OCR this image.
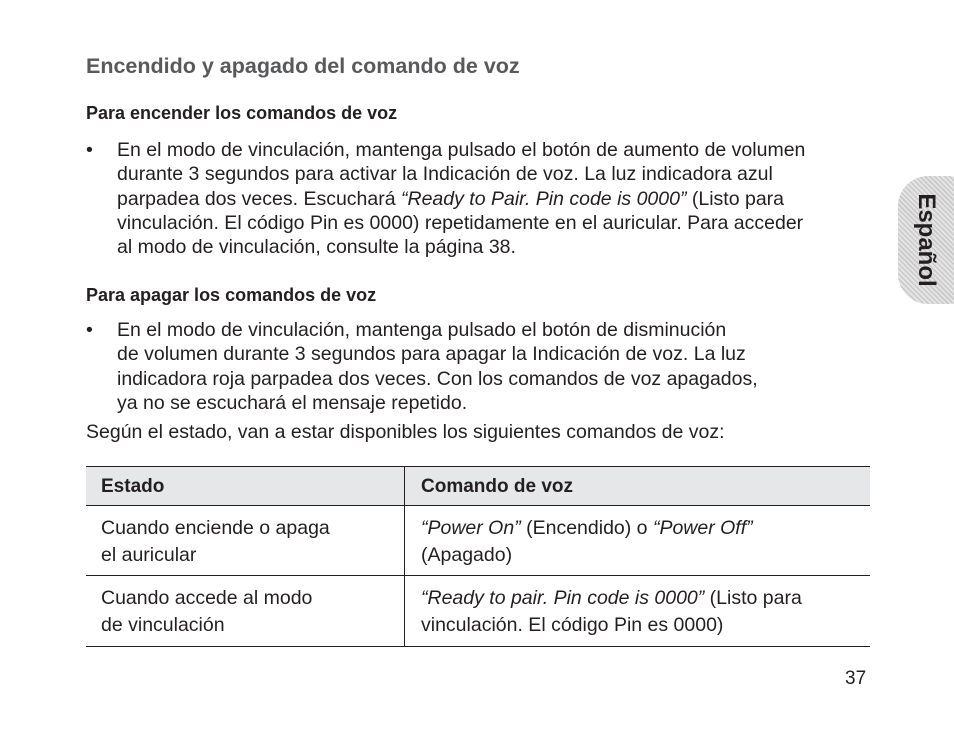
Encendido y apagado del comando de voz
Para encender los comandos de voz
• En el modo de vinculación, mantenga pulsado el botón de aumento de volumen
durante 3 segundos para activar la Indicación de voz. La luz indicadora azul
parpadea dos veces. Escuchará “Ready to Pair. Pin code is 0000” (Listo para
vinculación. El código Pin es 0000) repetidamente en el auricular. Para acceder
al modo de vinculación, consulte la página 38.
Para apagar los comandos de voz
• En el modo de vinculación, mantenga pulsado el botón de disminución
de volumen durante 3 segundos para apagar la Indicación de voz. La luz
indicadora roja parpadea dos veces. Con los comandos de voz apagados,
ya no se escuchará el mensaje repetido.
Según el estado, van a estar disponibles los siguientes comandos de voz:
Estado	Comando de voz
Cuando enciende o apaga
el auricular
“Power On” (Encendido) o “Power Off”
(Apagado)
Cuando accede al modo
de vinculación
“Ready to pair. Pin code is 0000” (Listo para
vinculación. El código Pin es 0000)
Español
37
